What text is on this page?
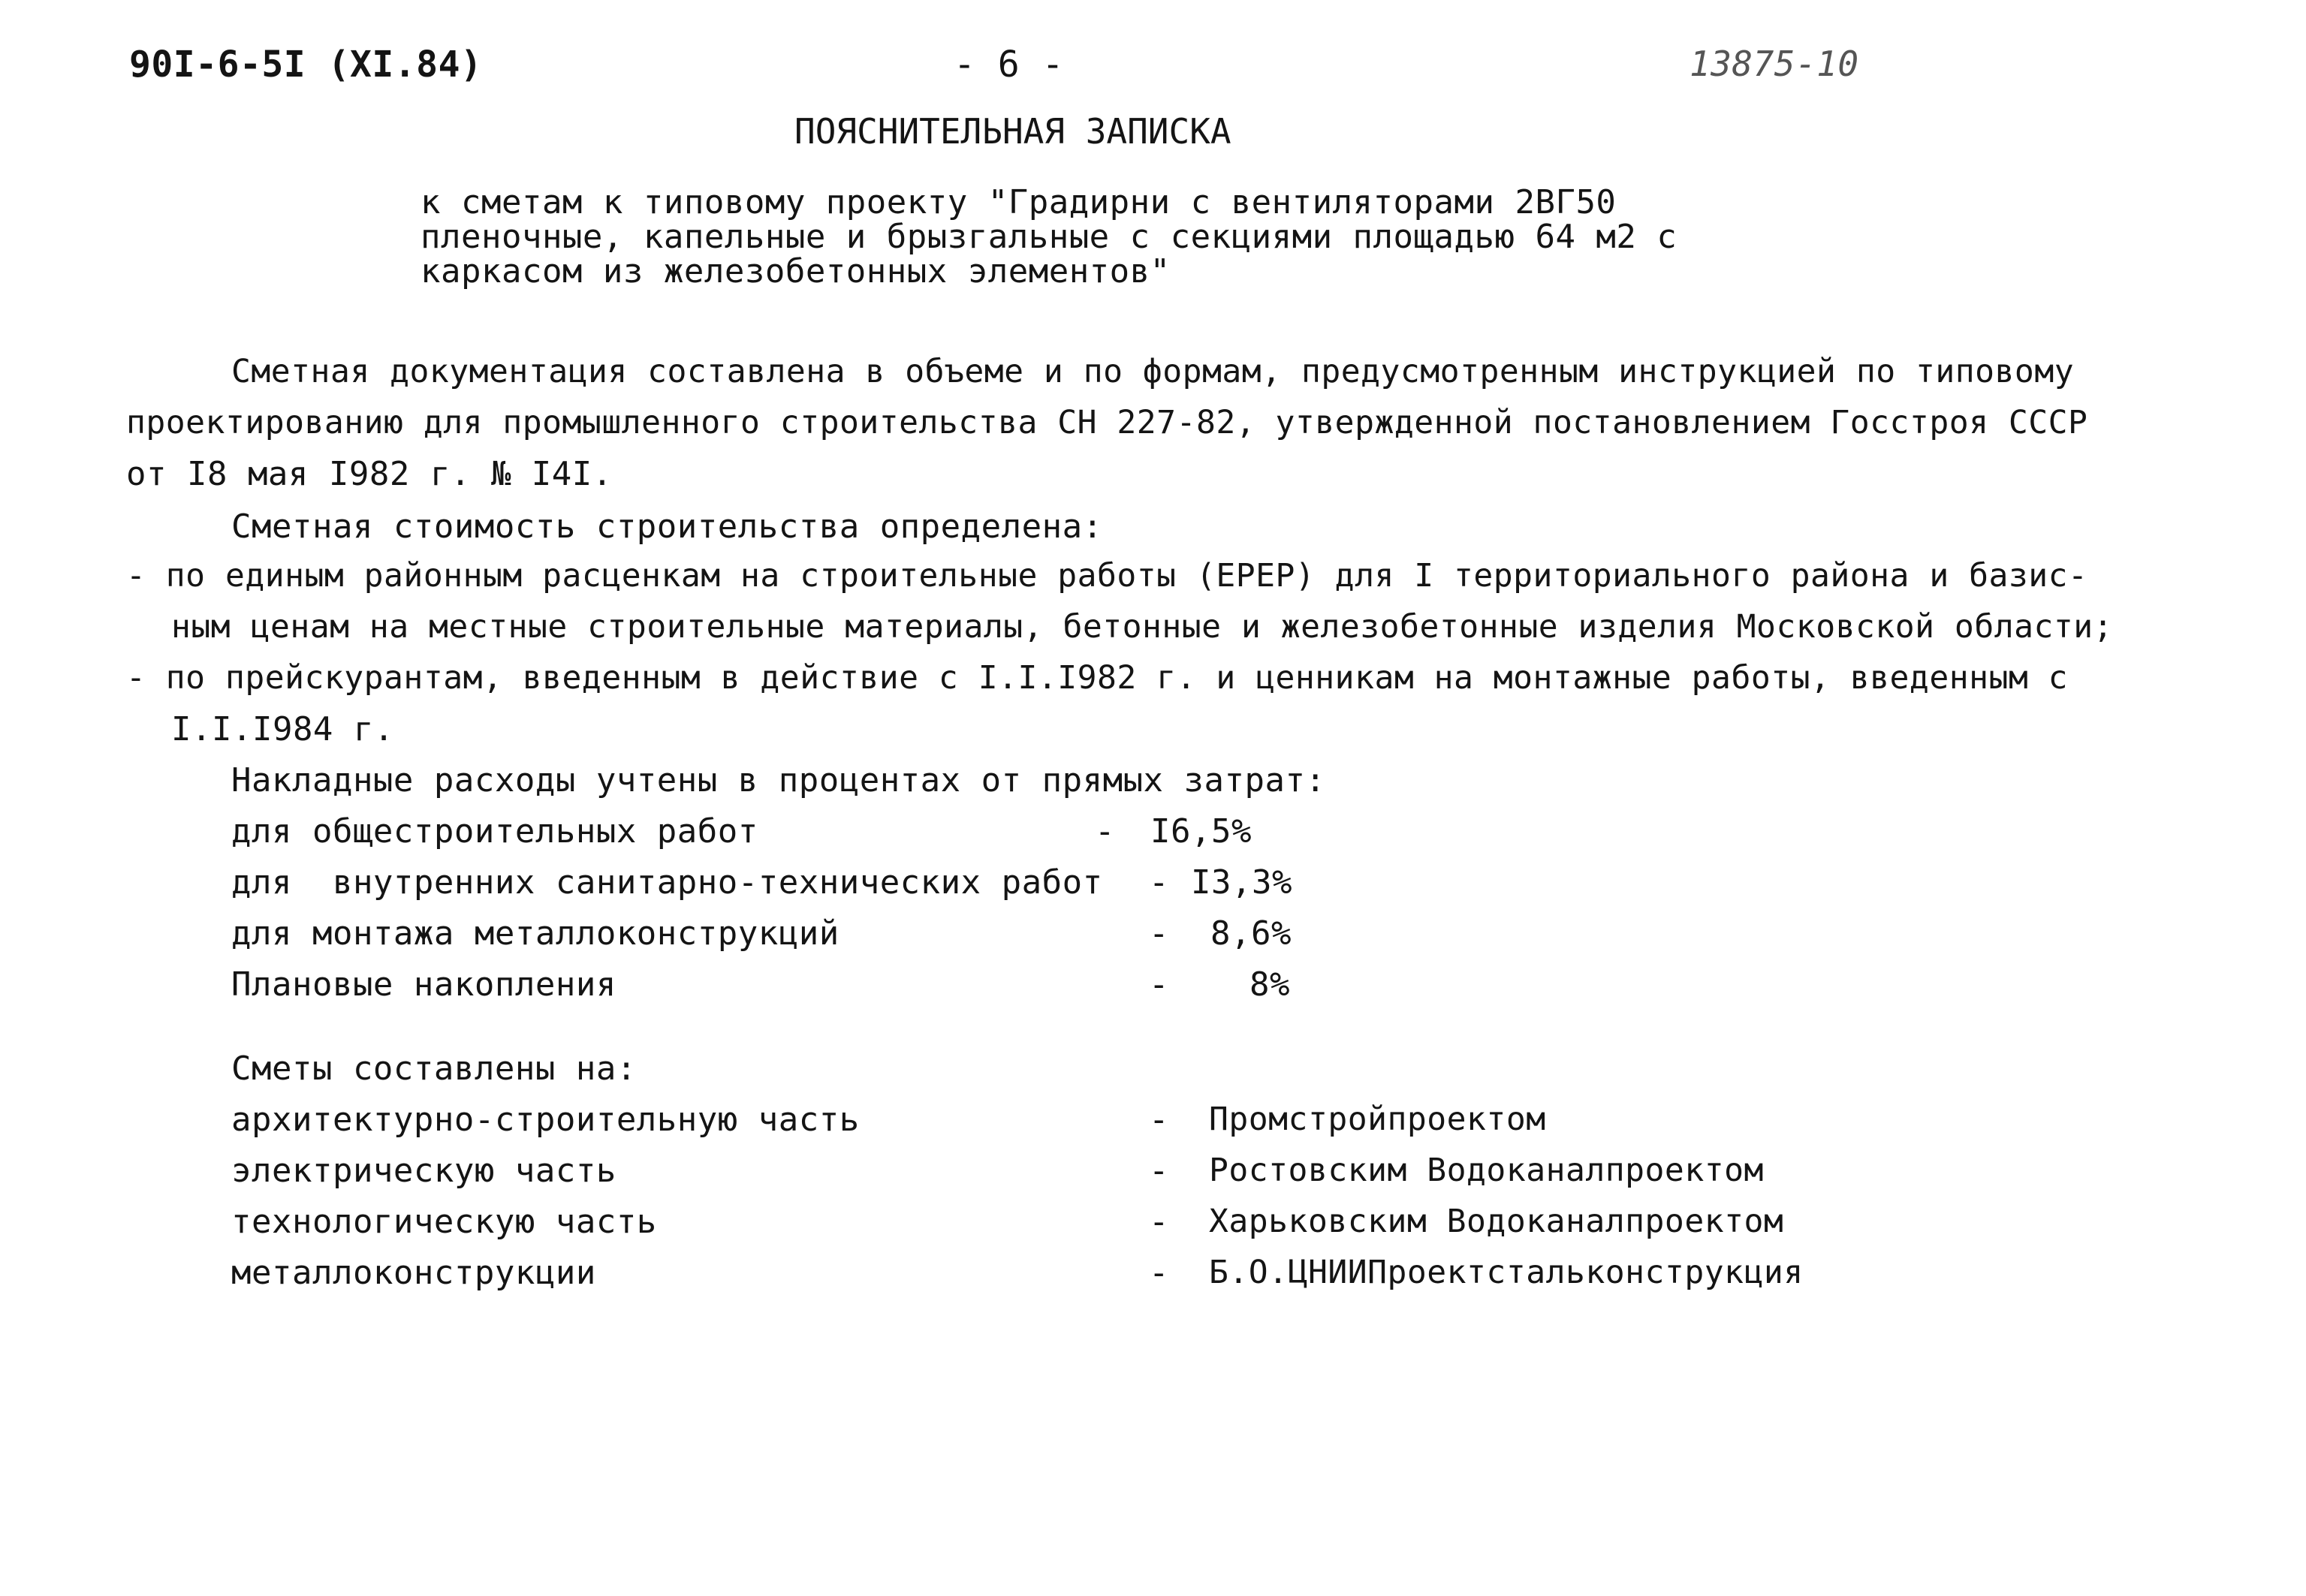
90I-6-5I (XI.84)	- 6 -	13875-10
ПОЯСНИТЕЛЬНАЯ ЗАПИСКА
к сметам к типовому проекту "Градирни с вентиляторами 2ВГ50
пленочные, капельные и брызгальные с секциями площадью 64 м2 с
каркасом из железобетонных элементов"
Сметная документация составлена в объеме и по формам, предусмотренным инструкцией по типовому
проектированию для промышленного строительства СН 227-82, утвержденной постановлением Госстроя СССР
от I8 мая I982 г. № I4I.
Сметная стоимость строительства определена:
- по единым районным расценкам на строительные работы (ЕРЕР) для I территориального района и базис-
ным ценам на местные строительные материалы, бетонные и железобетонные изделия Московской области;
- по прейскурантам, введенным в действие с I.I.I982 г. и ценникам на монтажные работы, введенным с
I.I.I984 г.
Накладные расходы учтены в процентах от прямых затрат:
для общестроительных работ	- I6,5%
для  внутренних санитарно-технических работ - I3,3%
для монтажа металлоконструкций	- 8,6%
Плановые накопления	- 8%
Сметы составлены на:
архитектурно-строительную часть	- Промстройпроектом
электрическую часть	- Ростовским Водоканалпроектом
технологическую часть	- Харьковским Водоканалпроектом
металлоконструкции	- Б.О.ЦНИИПроектстальконструкция
